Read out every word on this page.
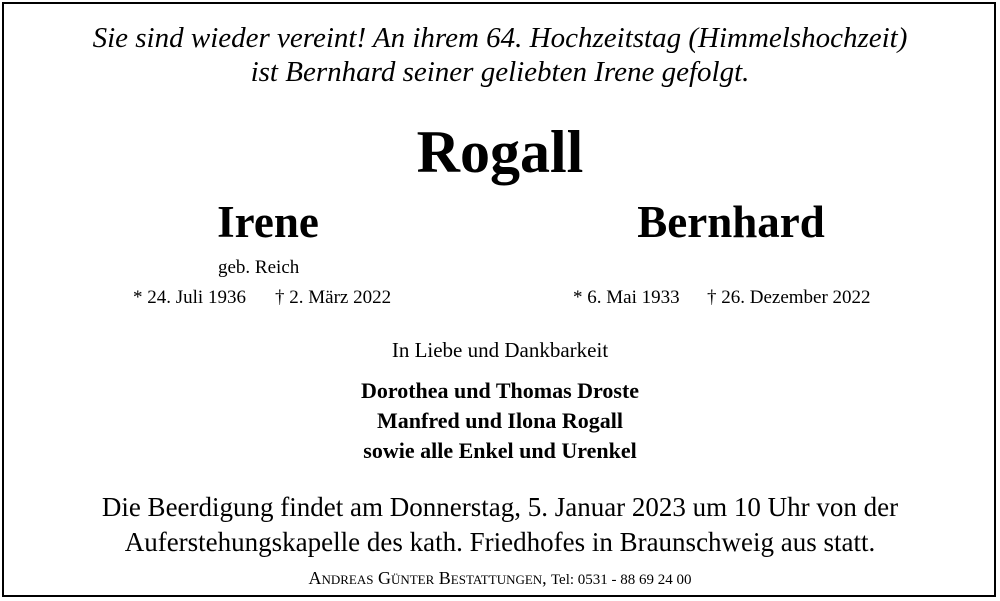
Sie sind wieder vereint! An ihrem 64. Hochzeitstag (Himmelshochzeit)
ist Bernhard seiner geliebten Irene gefolgt.
Rogall
Irene	Bernhard
geb. Reich
* 24. Juli 1936 † 2. März 2022	* 6. Mai 1933 † 26. Dezember 2022
In Liebe und Dankbarkeit
Dorothea und Thomas Droste
Manfred und Ilona Rogall
sowie alle Enkel und Urenkel
Die Beerdigung findet am Donnerstag, 5. Januar 2023 um 10 Uhr von der
Auferstehungskapelle des kath. Friedhofes in Braunschweig aus statt.
Andreas Günter Bestattungen, Tel: 0531 - 88 69 24 00
